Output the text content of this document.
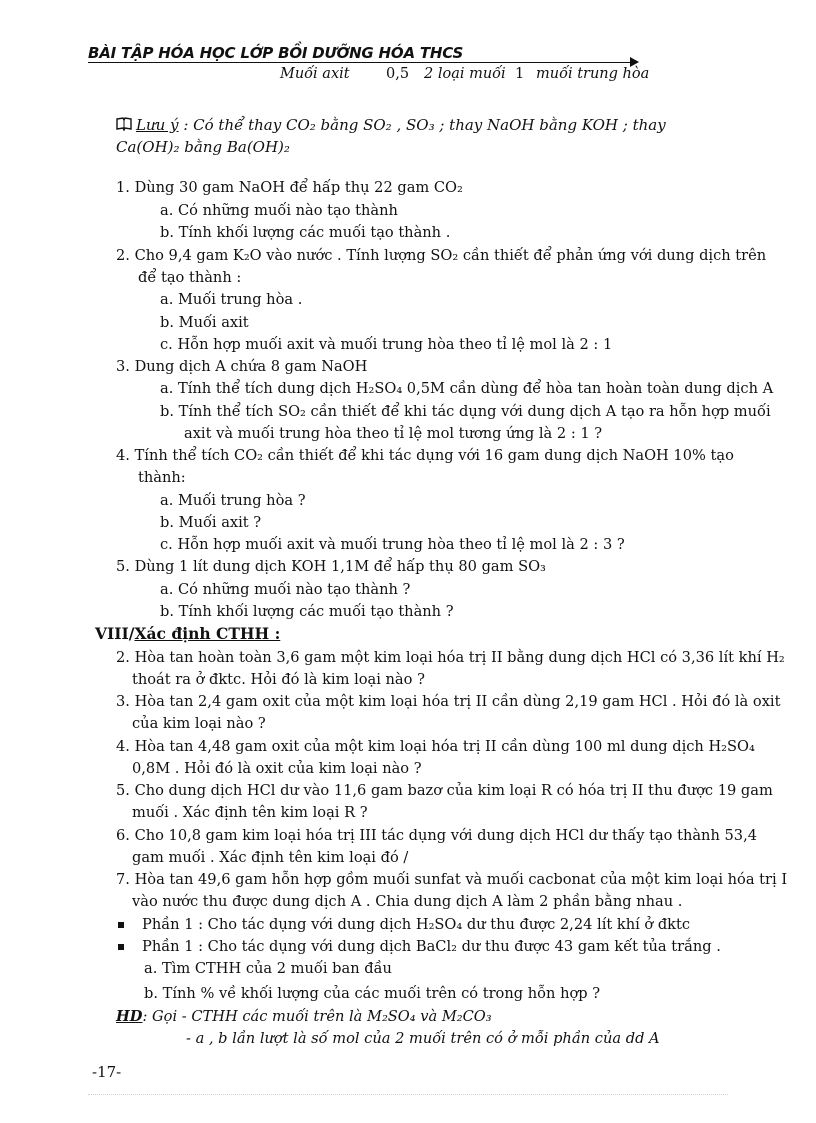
BÀI TẬP HÓA HỌC LỚP BỒI DƯỠNG HÓA THCS
Muối axit	0,5 2 loại muối 1 muối trung hòa
Lưu ý : Có thể thay CO₂ bằng SO₂ , SO₃ ; thay NaOH bằng KOH ; thay Ca(OH)₂ bằng Ba(OH)₂
1. Dùng 30 gam NaOH để hấp thụ 22 gam CO₂
a. Có những muối nào tạo thành
b. Tính khối lượng các muối tạo thành .
2. Cho 9,4 gam K₂O vào nước . Tính lượng SO₂ cần thiết để phản ứng với dung dịch trên
để tạo thành :
a. Muối trung hòa .
b. Muối axit
c. Hỗn hợp muối axit và muối trung hòa theo tỉ lệ mol là 2 : 1
3. Dung dịch A chứa 8 gam NaOH
a. Tính thể tích dung dịch H₂SO₄ 0,5M cần dùng để hòa tan hoàn toàn dung dịch A
b. Tính thể tích SO₂ cần thiết để khi tác dụng với dung dịch A tạo ra hỗn hợp muối
axit và muối trung hòa theo tỉ lệ mol tương ứng là 2 : 1 ?
4. Tính thể tích CO₂ cần thiết để khi tác dụng với 16 gam dung dịch NaOH 10% tạo
thành:
a. Muối trung hòa ?
b. Muối axit ?
c. Hỗn hợp muối axit và muối trung hòa theo tỉ lệ mol là 2 : 3 ?
5. Dùng 1 lít dung dịch KOH 1,1M để hấp thụ 80 gam SO₃
a. Có những muối nào tạo thành ?
b. Tính khối lượng các muối tạo thành ?
VIII/Xác định CTHH :
2. Hòa tan hoàn toàn 3,6 gam một kim loại hóa trị II bằng dung dịch HCl có 3,36 lít khí H₂
thoát ra ở đktc. Hỏi đó là kim loại nào ?
3. Hòa tan 2,4 gam oxit của một kim loại hóa trị II cần dùng 2,19 gam HCl . Hỏi đó là oxit
của kim loại nào ?
4. Hòa tan 4,48 gam oxit của một kim loại hóa trị II cần dùng 100 ml dung dịch H₂SO₄
0,8M . Hỏi đó là oxit của kim loại nào ?
5. Cho dung dịch HCl dư vào 11,6 gam bazơ của kim loại R có hóa trị II thu được 19 gam
muối . Xác định tên kim loại R ?
6. Cho 10,8 gam kim loại hóa trị III tác dụng với dung dịch HCl dư thấy tạo thành 53,4
gam muối . Xác định tên kim loại đó /
7. Hòa tan 49,6 gam hỗn hợp gồm muối sunfat và muối cacbonat của một kim loại hóa trị I
vào nước thu được dung dịch A . Chia dung dịch A làm 2 phần bằng nhau .
Phần 1 : Cho tác dụng với dung dịch H₂SO₄ dư thu được 2,24 lít khí ở đktc
Phần 1 : Cho tác dụng với dung dịch BaCl₂ dư thu được 43 gam kết tủa trắng .
a. Tìm CTHH của 2 muối ban đầu
b. Tính % về khối lượng của các muối trên có trong hỗn hợp ?
HD: Gọi - CTHH các muối trên là M₂SO₄ và M₂CO₃
- a , b lần lượt là số mol của 2 muối trên có ở mỗi phần của dd A
-17-
